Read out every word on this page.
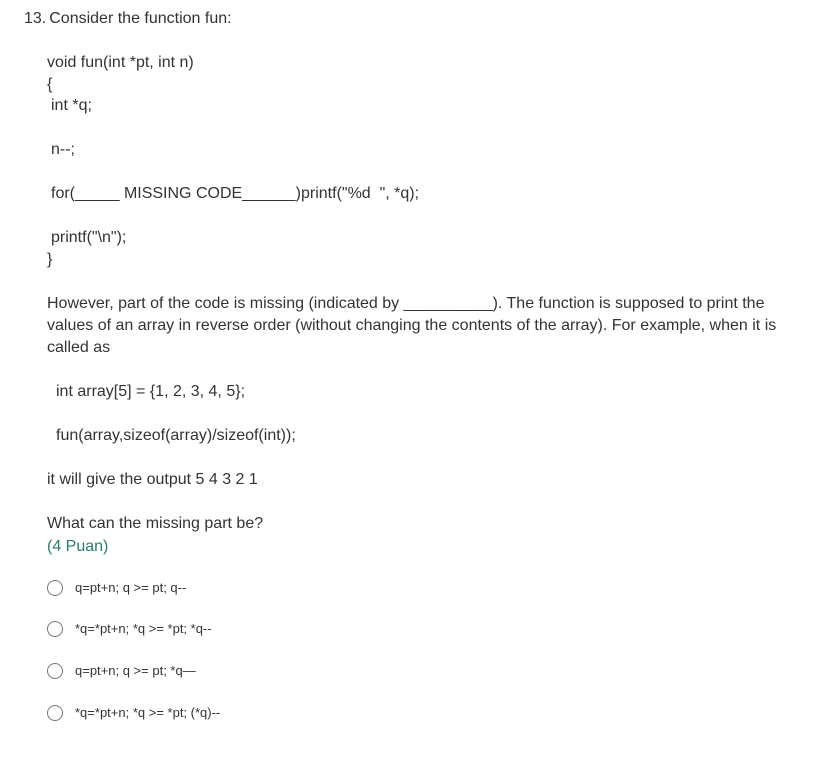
13. Consider the function fun:
void fun(int *pt, int n)
{
int *q;
n--;
for(_____ MISSING CODE______) printf("%d  ", *q);
printf("\n");
}
However, part of the code is missing (indicated by __________). The function is supposed to print the values of an array in reverse order (without changing the contents of the array). For example, when it is called as
int array[5] = {1, 2, 3, 4, 5};
fun(array,sizeof(array)/sizeof(int));
it will give the output 5 4 3 2 1
What can the missing part be?
(4 Puan)
q=pt+n; q >= pt; q--
*q=*pt+n; *q >= *pt; *q--
q=pt+n; q >= pt; *q—
*q=*pt+n; *q >= *pt; (*q)--
